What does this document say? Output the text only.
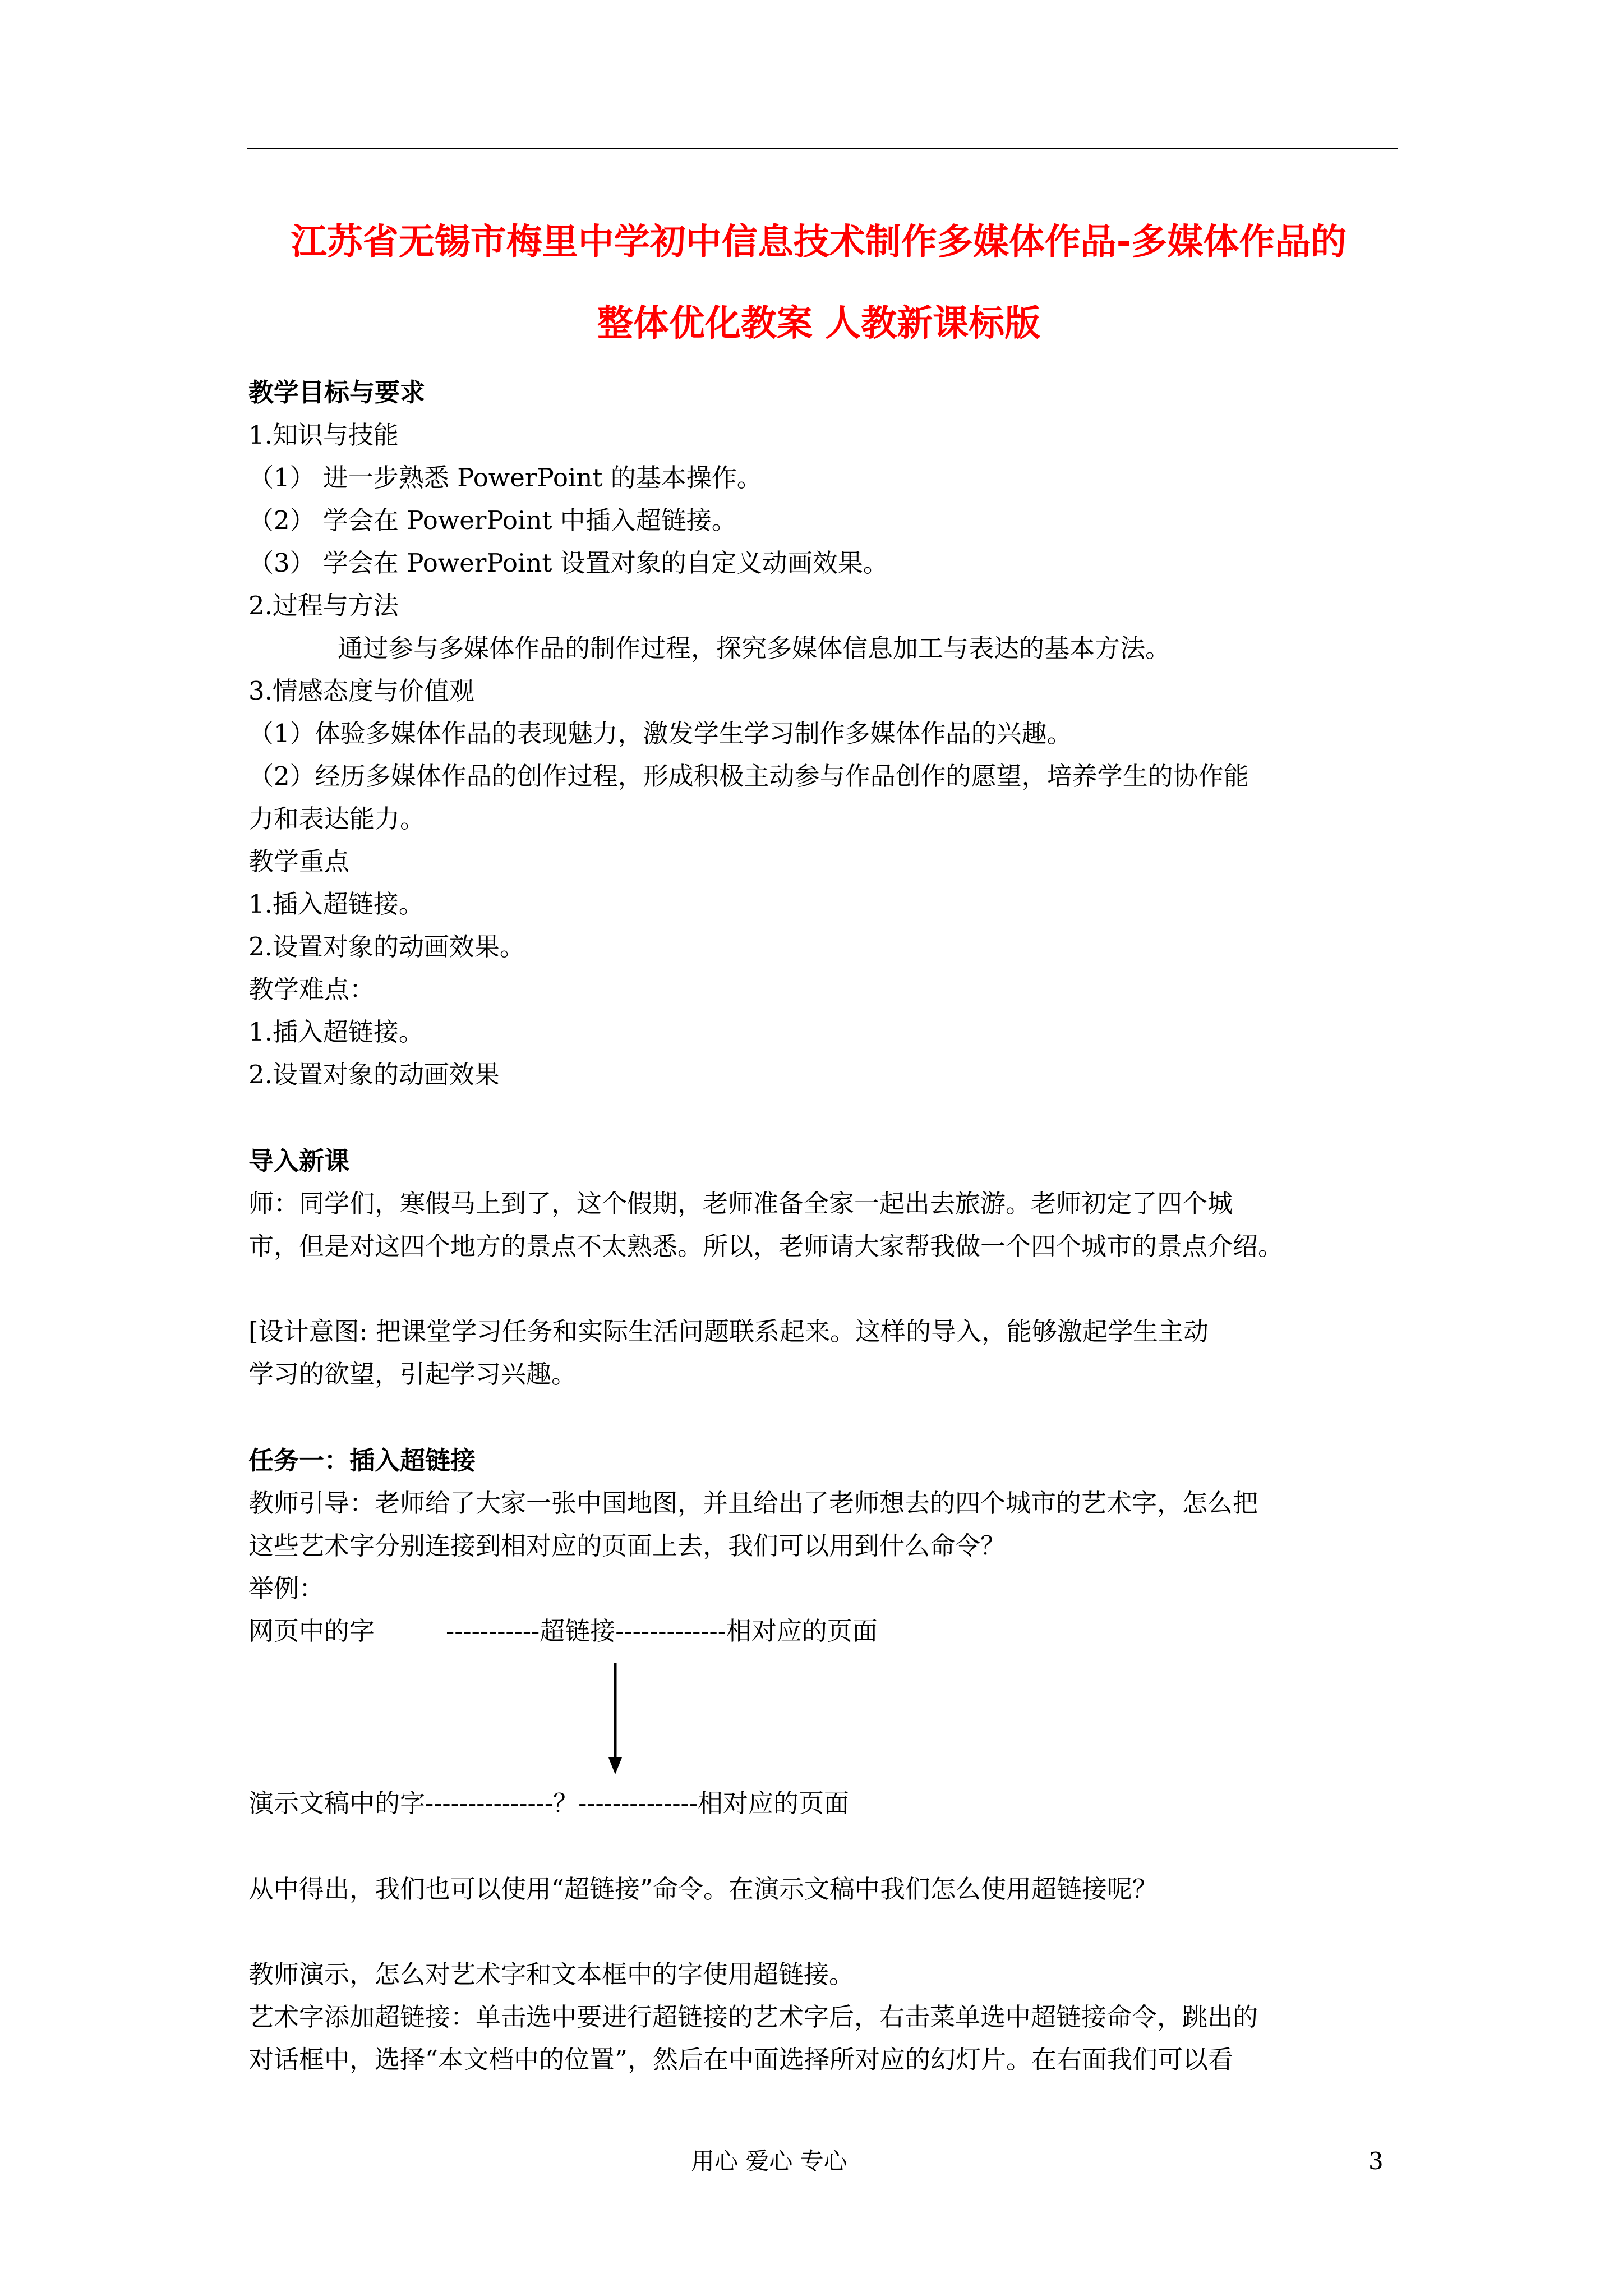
江苏省无锡市梅里中学初中信息技术制作多媒体作品-多媒体作品的
整体优化教案 人教新课标版
教学目标与要求
1.知识与技能
（1） 进一步熟悉 PowerPoint 的基本操作。
（2） 学会在 PowerPoint 中插入超链接。
（3） 学会在 PowerPoint 设置对象的自定义动画效果。
2.过程与方法
通过参与多媒体作品的制作过程，探究多媒体信息加工与表达的基本方法。
3.情感态度与价值观
（1）体验多媒体作品的表现魅力，激发学生学习制作多媒体作品的兴趣。
（2）经历多媒体作品的创作过程，形成积极主动参与作品创作的愿望，培养学生的协作能
力和表达能力。
教学重点
1.插入超链接。
2.设置对象的动画效果。
教学难点：
1.插入超链接。
2.设置对象的动画效果
导入新课
师：同学们，寒假马上到了，这个假期，老师准备全家一起出去旅游。老师初定了四个城
市，但是对这四个地方的景点不太熟悉。所以，老师请大家帮我做一个四个城市的景点介绍。
[设计意图: 把课堂学习任务和实际生活问题联系起来。这样的导入，能够激起学生主动
学习的欲望，引起学习兴趣。
任务一：插入超链接
教师引导：老师给了大家一张中国地图，并且给出了老师想去的四个城市的艺术字，怎么把
这些艺术字分别连接到相对应的页面上去，我们可以用到什么命令？
举例：
网页中的字	-----------超链接-------------相对应的页面
演示文稿中的字---------------？--------------相对应的页面
从中得出，我们也可以使用“超链接”命令。在演示文稿中我们怎么使用超链接呢？
教师演示，怎么对艺术字和文本框中的字使用超链接。
艺术字添加超链接：单击选中要进行超链接的艺术字后，右击菜单选中超链接命令，跳出的
对话框中，选择“本文档中的位置”，然后在中面选择所对应的幻灯片。在右面我们可以看
用心 爱心 专心	3
